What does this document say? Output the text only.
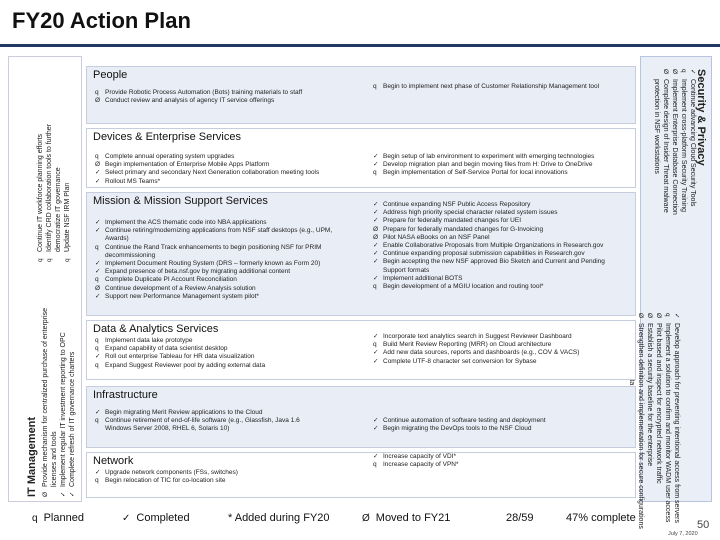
FY20 Action Plan
IT Management Ø
Provide mechanism for centralized purchase of enterprise licenses and tools
✓
Implement regular IT investment reporting to OPC
✓
Complete refresh of IT governance charters
q
Continue IT workforce planning efforts
q
Identify CRD collaboration tools to further democratize IT governance
q
Update NSF IRM Plan
Security & Privacy
✓
Continue advancing Cloud Security Tools
q
Implement cross-platform Security Training
Ø
Implement Enterprise Database Connection
Ø
Complete design of Insider Threat malware
protection in NSF workstations
✓
Develop approach for preventing intentional access from servers
q
Implement a solution to confirm and monitor WADM user access
Ø
Pilot based and inspect for encrypted network traffic
Ø
Establish a security baseline for the enterprise
Ø
Strengthen definition and implementation for secure configurations
People
q Provide Robotic Process Automation (Bots) training materials to staff
Ø Conduct review and analysis of agency IT service offerings
q Begin to implement next phase of Customer Relationship Management tool
Devices & Enterprise Services
q Complete annual operating system upgrades
Ø Begin implementation of Enterprise Mobile Apps Platform
✓ Select primary and secondary Next Generation collaboration meeting tools
✓ Rollout MS Teams*
✓ Begin setup of lab environment to experiment with emerging technologies
✓ Develop migration plan and begin moving files from H: Drive to OneDrive
q Begin implementation of Self-Service Portal for local innovations
Mission & Mission Support Services
✓ Implement the ACS thematic code into NBA applications
✓ Continue retiring/modernizing applications from NSF staff desktops (e.g., UPM,
Awards)
q Continue the Rand Track enhancements to begin positioning NSF for PRIM
decommissioning
✓ Implement Document Routing System (DRS – formerly known as Form 20)
✓ Expand presence of beta.nsf.gov by migrating additional content
q Complete Duplicate PI Account Reconciliation
Ø Continue development of a Review Analysis solution
✓ Support new Performance Management system pilot*
✓ Continue expanding NSF Public Access Repository
✓ Address high priority special character related system issues
✓ Prepare for federally mandated changes for UEI
Ø Prepare for federally mandated changes for G-Invoicing
Ø Pilot NASA eBooks on an NSF Panel
✓ Enable Collaborative Proposals from Multiple Organizations in Research.gov
✓ Continue expanding proposal submission capabilities in Research.gov
✓ Begin accepting the new NSF approved Bio Sketch and Current and Pending
Support formats
✓ Implement additional BOTS
q Begin development of a MGIU location and routing tool*
Data & Analytics Services
q Implement data lake prototype
q Expand capability of data scientist desktop
✓ Roll out enterprise Tableau for HR data visualization
q Expand Suggest Reviewer pool by adding external data
✓ Incorporate text analytics search in Suggest Reviewer Dashboard
q Build Merit Review Reporting (MRR) on Cloud architecture
✓ Add new data sources, reports and dashboards (e.g., COV & VACS)
✓ Complete UTF-8 character set conversion for Sybase
Infrastructure
✓ Begin migrating Merit Review applications to the Cloud
q Continue retirement of end-of-life software (e.g., Glassfish, Java 1.6
Windows Server 2008, RHEL 6, Solaris 10)
✓ Continue automation of software testing and deployment
✓ Begin migrating the DevOps tools to the NSF Cloud
Network
✓ Upgrade network components (FSs, switches)
q Begin relocation of TIC for co-location site
✓ Increase capacity of VDI*
q Increase capacity of VPN*
q Planned	✓ Completed	* Added during FY20	Ø Moved to FY21	28/59	47% complete
50
July 7, 2020
